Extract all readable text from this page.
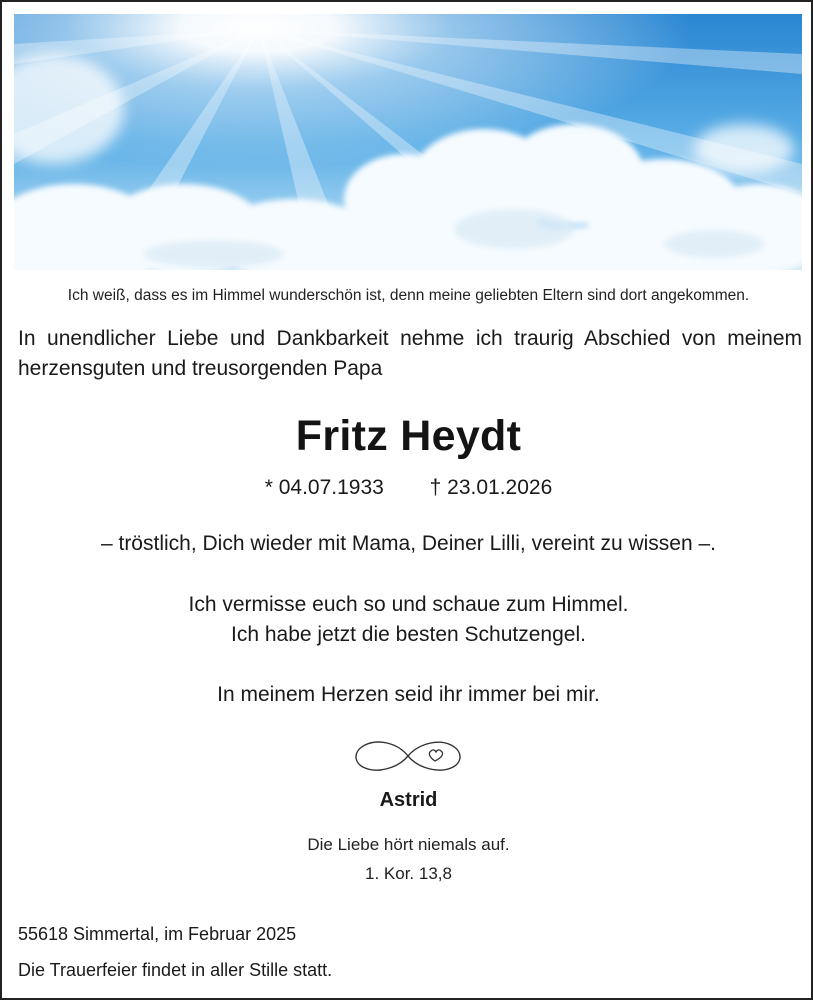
Ich weiß, dass es im Himmel wunderschön ist, denn meine geliebten Eltern sind dort angekommen.
In unendlicher Liebe und Dankbarkeit nehme ich traurig Abschied von meinem herzensguten und treusorgenden Papa
Fritz Heydt
* 04.07.1933 † 23.01.2026
– tröstlich, Dich wieder mit Mama, Deiner Lilli, vereint zu wissen –.
Ich vermisse euch so und schaue zum Himmel.
Ich habe jetzt die besten Schutzengel.
In meinem Herzen seid ihr immer bei mir.
Astrid
Die Liebe hört niemals auf.
1. Kor. 13,8
55618 Simmertal, im Februar 2025
Die Trauerfeier findet in aller Stille statt.
